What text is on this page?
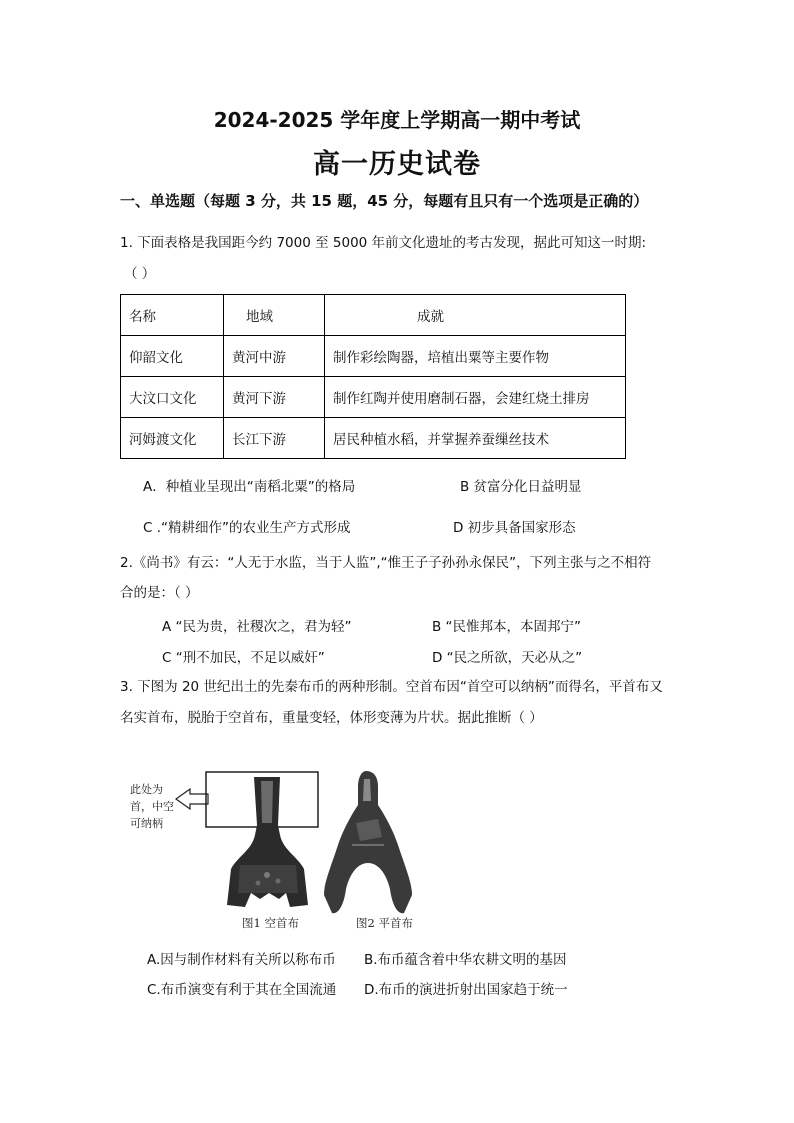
2024-2025 学年度上学期高一期中考试
高一历史试卷
一、单选题（每题 3 分，共 15 题，45 分，每题有且只有一个选项是正确的）
1. 下面表格是我国距今约 7000 至 5000 年前文化遗址的考古发现，据此可知这一时期:
（ ）
名称	地域	成就
仰韶文化	黄河中游	制作彩绘陶器，培植出粟等主要作物
大汶口文化	黄河下游	制作红陶并使用磨制石器，会建红烧土排房
河姆渡文化	长江下游	居民种植水稻，并掌握养蚕缫丝技术
A．种植业呈现出“南稻北粟”的格局	B 贫富分化日益明显
C .“精耕细作”的农业生产方式形成	D 初步具备国家形态
2.《尚书》有云：“人无于水监，当于人监”,“惟王子子孙孙永保民”，下列主张与之不相符
合的是：（ ）
A “民为贵，社稷次之，君为轻”	B “民惟邦本，本固邦宁”
C “刑不加民，不足以威奸”	D “民之所欲，天必从之”
3. 下图为 20 世纪出土的先秦布币的两种形制。空首布因“首空可以纳柄”而得名，平首布又
名实首布，脱胎于空首布，重量变轻，体形变薄为片状。据此推断（ ）
此处为
首，中空
可纳柄
图1 空首布	图2 平首布
A.因与制作材料有关所以称布币 B.布币蕴含着中华农耕文明的基因
C.布币演变有利于其在全国流通 D.布币的演进折射出国家趋于统一
